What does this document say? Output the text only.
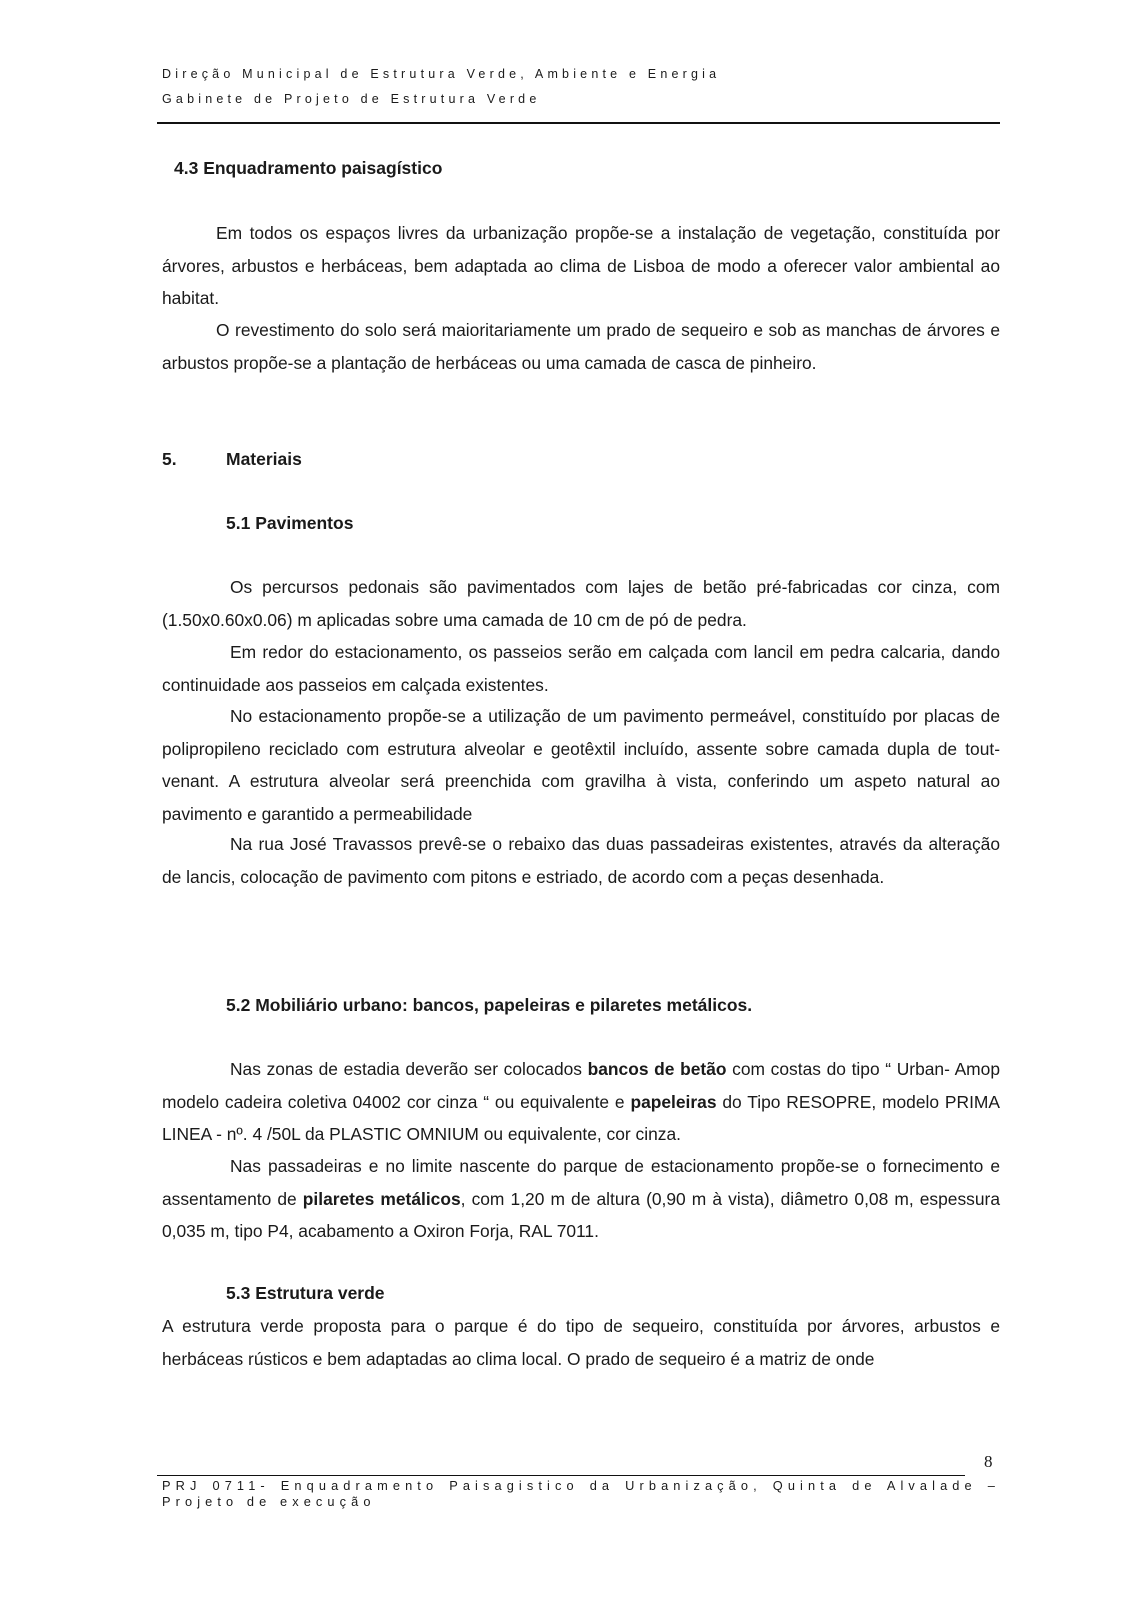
Direção Municipal de Estrutura Verde, Ambiente e Energia
Gabinete de Projeto de Estrutura Verde
4.3 Enquadramento paisagístico

Em todos os espaços livres da urbanização propõe-se a instalação de vegetação, constituída por árvores, arbustos e herbáceas, bem adaptada ao clima de Lisboa de modo a oferecer valor ambiental ao habitat.

O revestimento do solo será maioritariamente um prado de sequeiro e sob as manchas de árvores e arbustos propõe-se a plantação de herbáceas ou uma camada de casca de pinheiro.

5.	Materiais
5.1 Pavimentos

Os percursos pedonais são pavimentados com lajes de betão pré-fabricadas cor cinza, com (1.50x0.60x0.06) m aplicadas sobre uma camada de 10 cm de pó de pedra.

Em redor do estacionamento, os passeios serão em calçada com lancil em pedra calcaria, dando continuidade aos passeios em calçada existentes.

No estacionamento propõe-se a utilização de um pavimento permeável, constituído por placas de polipropileno reciclado com estrutura alveolar e geotêxtil incluído, assente sobre camada dupla de tout-venant. A estrutura alveolar será preenchida com gravilha à vista, conferindo um aspeto natural ao pavimento e garantido a permeabilidade

Na rua José Travassos prevê-se o rebaixo das duas passadeiras existentes, através da alteração de lancis, colocação de pavimento com pitons e estriado, de acordo com a peças desenhada.

5.2 Mobiliário urbano: bancos, papeleiras e pilaretes metálicos.

Nas zonas de estadia deverão ser colocados bancos de betão com costas do tipo “ Urban- Amop modelo cadeira coletiva 04002 cor cinza “ ou equivalente e papeleiras do Tipo RESOPRE, modelo PRIMA LINEA - nº. 4 /50L da PLASTIC OMNIUM ou equivalente, cor cinza.

Nas passadeiras e no limite nascente do parque de estacionamento propõe-se o fornecimento e assentamento de pilaretes metálicos, com 1,20 m de altura (0,90 m à vista), diâmetro 0,08 m, espessura 0,035 m, tipo P4, acabamento a Oxiron Forja, RAL 7011.

5.3 Estrutura verde

A estrutura verde proposta para o parque é do tipo de sequeiro, constituída por árvores, arbustos e herbáceas rústicos e bem adaptadas ao clima local. O prado de sequeiro é a matriz de onde

8
PRJ 0711- Enquadramento Paisagistico da Urbanização, Quinta de Alvalade – Projeto de execução
